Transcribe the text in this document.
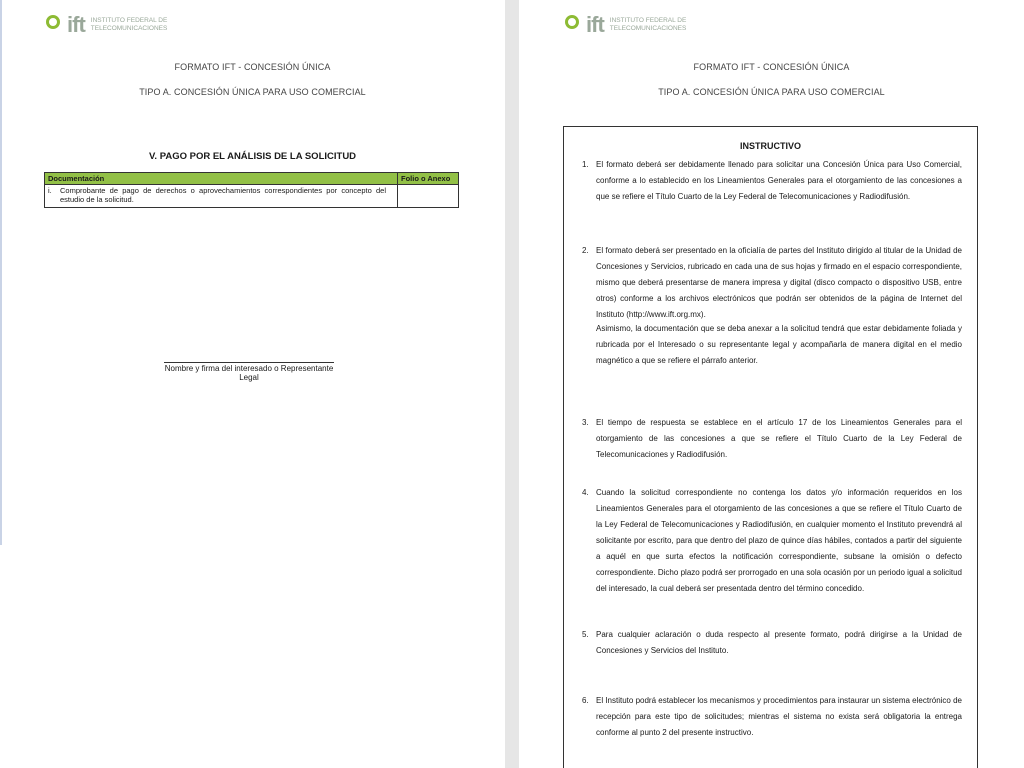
ift INSTITUTO FEDERAL DE
TELECOMUNICACIONES
FORMATO IFT - CONCESIÓN ÚNICA
TIPO A. CONCESIÓN ÚNICA PARA USO COMERCIAL
V. PAGO POR EL ANÁLISIS DE LA SOLICITUD
Documentación	Folio o Anexo
i. Comprobante de pago de derechos o aprovechamientos correspondientes por concepto del estudio de la solicitud.	
Nombre y firma del interesado o Representante Legal
ift INSTITUTO FEDERAL DE
TELECOMUNICACIONES
FORMATO IFT - CONCESIÓN ÚNICA
TIPO A. CONCESIÓN ÚNICA PARA USO COMERCIAL
INSTRUCTIVO
1. El formato deberá ser debidamente llenado para solicitar una Concesión Única para Uso Comercial, conforme a lo establecido en los Lineamientos Generales para el otorgamiento de las concesiones a que se refiere el Título Cuarto de la Ley Federal de Telecomunicaciones y Radiodifusión.
2. El formato deberá ser presentado en la oficialía de partes del Instituto dirigido al titular de la Unidad de Concesiones y Servicios, rubricado en cada una de sus hojas y firmado en el espacio correspondiente, mismo que deberá presentarse de manera impresa y digital (disco compacto o dispositivo USB, entre otros) conforme a los archivos electrónicos que podrán ser obtenidos de la página de Internet del Instituto (http://www.ift.org.mx).
Asimismo, la documentación que se deba anexar a la solicitud tendrá que estar debidamente foliada y rubricada por el Interesado o su representante legal y acompañarla de manera digital en el medio magnético a que se refiere el párrafo anterior.
3. El tiempo de respuesta se establece en el artículo 17 de los Lineamientos Generales para el otorgamiento de las concesiones a que se refiere el Título Cuarto de la Ley Federal de Telecomunicaciones y Radiodifusión.
4. Cuando la solicitud correspondiente no contenga los datos y/o información requeridos en los Lineamientos Generales para el otorgamiento de las concesiones a que se refiere el Título Cuarto de la Ley Federal de Telecomunicaciones y Radiodifusión, en cualquier momento el Instituto prevendrá al solicitante por escrito, para que dentro del plazo de quince días hábiles, contados a partir del siguiente a aquél en que surta efectos la notificación correspondiente, subsane la omisión o defecto correspondiente. Dicho plazo podrá ser prorrogado en una sola ocasión por un periodo igual a solicitud del interesado, la cual deberá ser presentada dentro del término concedido.
5. Para cualquier aclaración o duda respecto al presente formato, podrá dirigirse a la Unidad de Concesiones y Servicios del Instituto.
6. El Instituto podrá establecer los mecanismos y procedimientos para instaurar un sistema electrónico de recepción para este tipo de solicitudes; mientras el sistema no exista será obligatoria la entrega conforme al punto 2 del presente instructivo.
